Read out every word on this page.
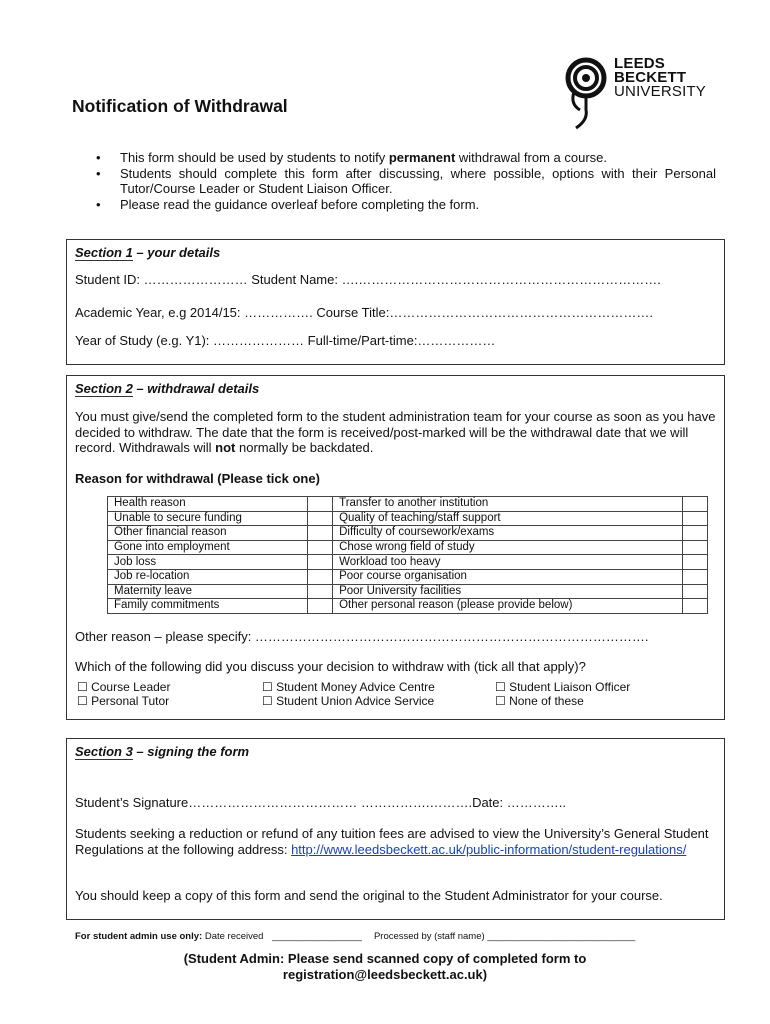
LEEDS
BECKETT
UNIVERSITY
Notification of Withdrawal
• This form should be used by students to notify permanent withdrawal from a course.
• Students should complete this form after discussing, where possible, options with their Personal Tutor/Course Leader or Student Liaison Officer.
• Please read the guidance overleaf before completing the form.
Section 1 – your details
Student ID: …………………… Student Name: ….…………………………………………………………….
Academic Year, e.g 2014/15: ……………. Course Title:…………………………………………………….
Year of Study (e.g. Y1): ………………… Full-time/Part-time:………………
Section 2 – withdrawal details
You must give/send the completed form to the student administration team for your course as soon as you have decided to withdraw. The date that the form is received/post-marked will be the withdrawal date that we will record. Withdrawals will not normally be backdated.
Reason for withdrawal (Please tick one)
Health reason		Transfer to another institution	
Unable to secure funding		Quality of teaching/staff support	
Other financial reason		Difficulty of coursework/exams	
Gone into employment		Chose wrong field of study	
Job loss		Workload too heavy	
Job re-location		Poor course organisation	
Maternity leave		Poor University facilities	
Family commitments		Other personal reason (please provide below)	
Other reason – please specify: ……………………………………………………………………………….
Which of the following did you discuss your decision to withdraw with (tick all that apply)?
☐ Course Leader
☐ Personal Tutor
☐ Student Money Advice Centre
☐ Student Union Advice Service
☐ Student Liaison Officer
☐ None of these
Section 3 – signing the form
Student’s Signature………………………………… …………….……….Date: …………..
Students seeking a reduction or refund of any tuition fees are advised to view the University’s General Student Regulations at the following address: http://www.leedsbeckett.ac.uk/public-information/student-regulations/
You should keep a copy of this form and send the original to the Student Administrator for your course.
For student admin use only: Date received _________________ Processed by (staff name) ____________________________
(Student Admin: Please send scanned copy of completed form to
registration@leedsbeckett.ac.uk)
